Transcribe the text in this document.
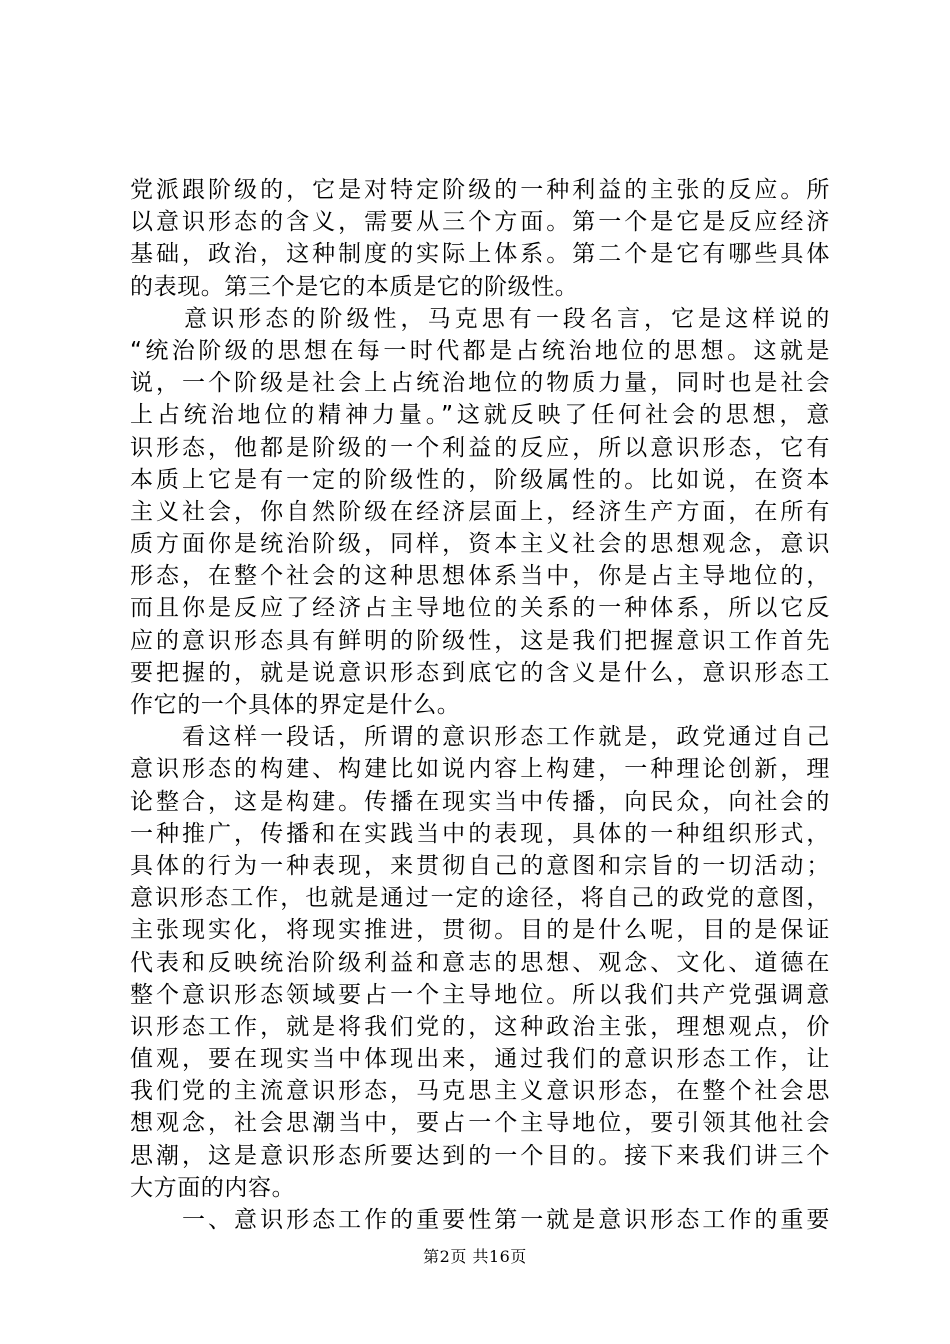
党派跟阶级的，它是对特定阶级的一种利益的主张的反应。所
以意识形态的含义，需要从三个方面。第一个是它是反应经济
基础，政治，这种制度的实际上体系。第二个是它有哪些具体
的表现。第三个是它的本质是它的阶级性。
　　意识形态的阶级性，马克思有一段名言，它是这样说的
“统治阶级的思想在每一时代都是占统治地位的思想。这就是
说，一个阶级是社会上占统治地位的物质力量，同时也是社会
上占统治地位的精神力量。”这就反映了任何社会的思想，意
识形态，他都是阶级的一个利益的反应，所以意识形态，它有
本质上它是有一定的阶级性的，阶级属性的。比如说，在资本
主义社会，你自然阶级在经济层面上，经济生产方面，在所有
质方面你是统治阶级，同样，资本主义社会的思想观念，意识
形态，在整个社会的这种思想体系当中，你是占主导地位的，
而且你是反应了经济占主导地位的关系的一种体系，所以它反
应的意识形态具有鲜明的阶级性，这是我们把握意识工作首先
要把握的，就是说意识形态到底它的含义是什么，意识形态工
作它的一个具体的界定是什么。
　　看这样一段话，所谓的意识形态工作就是，政党通过自己
意识形态的构建、构建比如说内容上构建，一种理论创新，理
论整合，这是构建。传播在现实当中传播，向民众，向社会的
一种推广，传播和在实践当中的表现，具体的一种组织形式，
具体的行为一种表现，来贯彻自己的意图和宗旨的一切活动；
意识形态工作，也就是通过一定的途径，将自己的政党的意图，
主张现实化，将现实推进，贯彻。目的是什么呢，目的是保证
代表和反映统治阶级利益和意志的思想、观念、文化、道德在
整个意识形态领域要占一个主导地位。所以我们共产党强调意
识形态工作，就是将我们党的，这种政治主张，理想观点，价
值观，要在现实当中体现出来，通过我们的意识形态工作，让
我们党的主流意识形态，马克思主义意识形态，在整个社会思
想观念，社会思潮当中，要占一个主导地位，要引领其他社会
思潮，这是意识形态所要达到的一个目的。接下来我们讲三个
大方面的内容。
　　一、意识形态工作的重要性第一就是意识形态工作的重要
第2页 共16页
